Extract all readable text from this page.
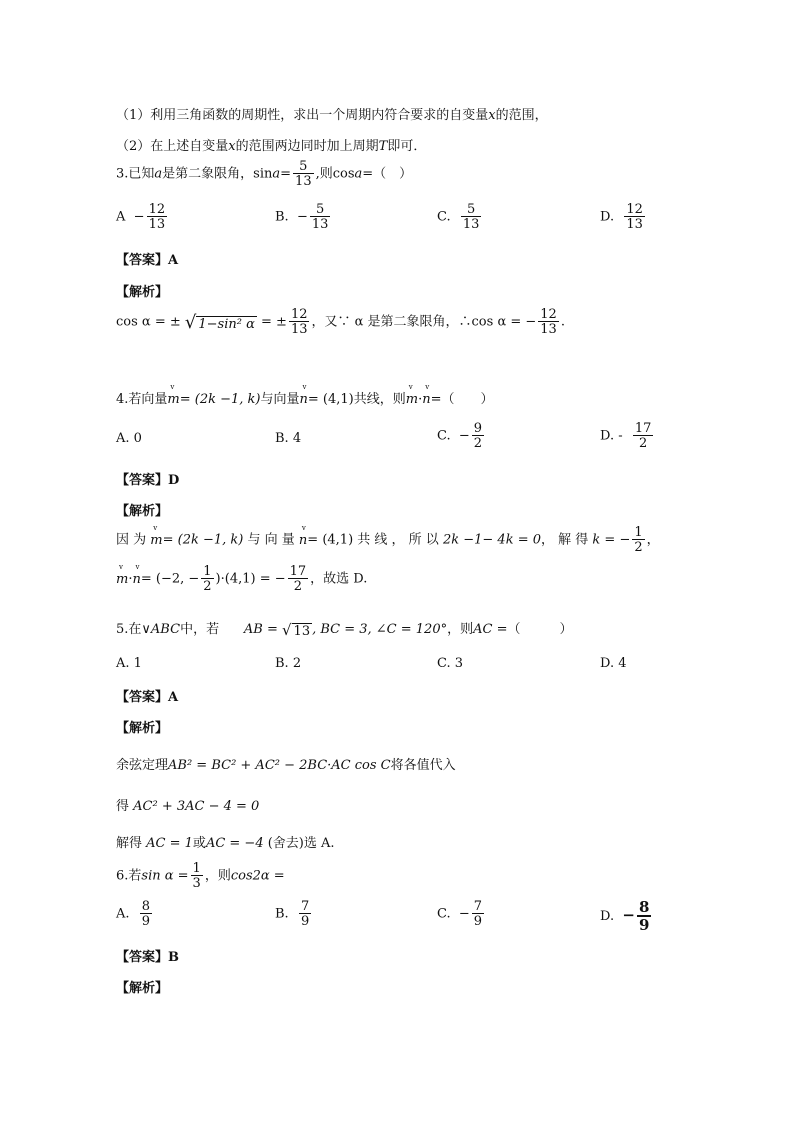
（1）利用三角函数的周期性，求出一个周期内符合要求的自变量x的范围，
（2）在上述自变量x的范围两边同时加上周期T即可．
3.已知a是第二象限角，$\sin a= \frac{5}{13}$ ,则cosa=（　）
$A - \frac{12}{13}$	B. − $\frac{5}{13}$	C. $\frac{5}{13}$	D. $\frac{12}{13}$
【答案】A
【解析】
cos α = ± √ 1−sin² α = ± $\frac{12}{13}$ ，又∵ α 是第二象限角，∴cos α = − $\frac{12}{13}$ .
4.若向量v m= (2k −1, k)与向量v n= (4,1)共线，则v m·v n=（　　）
A. 0	B. 4	C. − $\frac{9}{2}$	D. - $\frac{17}{2}$
【答案】D
【解析】
因 为 v m= (2k −1, k) 与 向 量 v n= (4,1) 共 线 ， 所 以 2k −1− 4k = 0， 解 得 k = − $\frac{1}{2}$ ，
v m·v n= (−2, − $\frac{1}{2} )\cdot(4,1)$ = − $\frac{17}{2}$ ，故选 D.
5.在∨ABC中，若 AB = √ 13 , BC = 3, ∠C = 120°，则AC =（　　　）
A. 1	B. 2	C. 3	D. 4
【答案】A
【解析】
余弦定理AB² = BC² + AC² − 2BC·AC cos C将各值代入
得 AC² + 3AC − 4 = 0
解得 AC = 1或AC = −4 (舍去)选 A.
6.若$\sin \alpha = \frac{1}{3}$ ，则cos2α =
A. $\frac{8}{9}$	B. $\frac{7}{9}$	C. − $\frac{7}{9}$	D. − $\frac{8}{9}$
【答案】B
【解析】
